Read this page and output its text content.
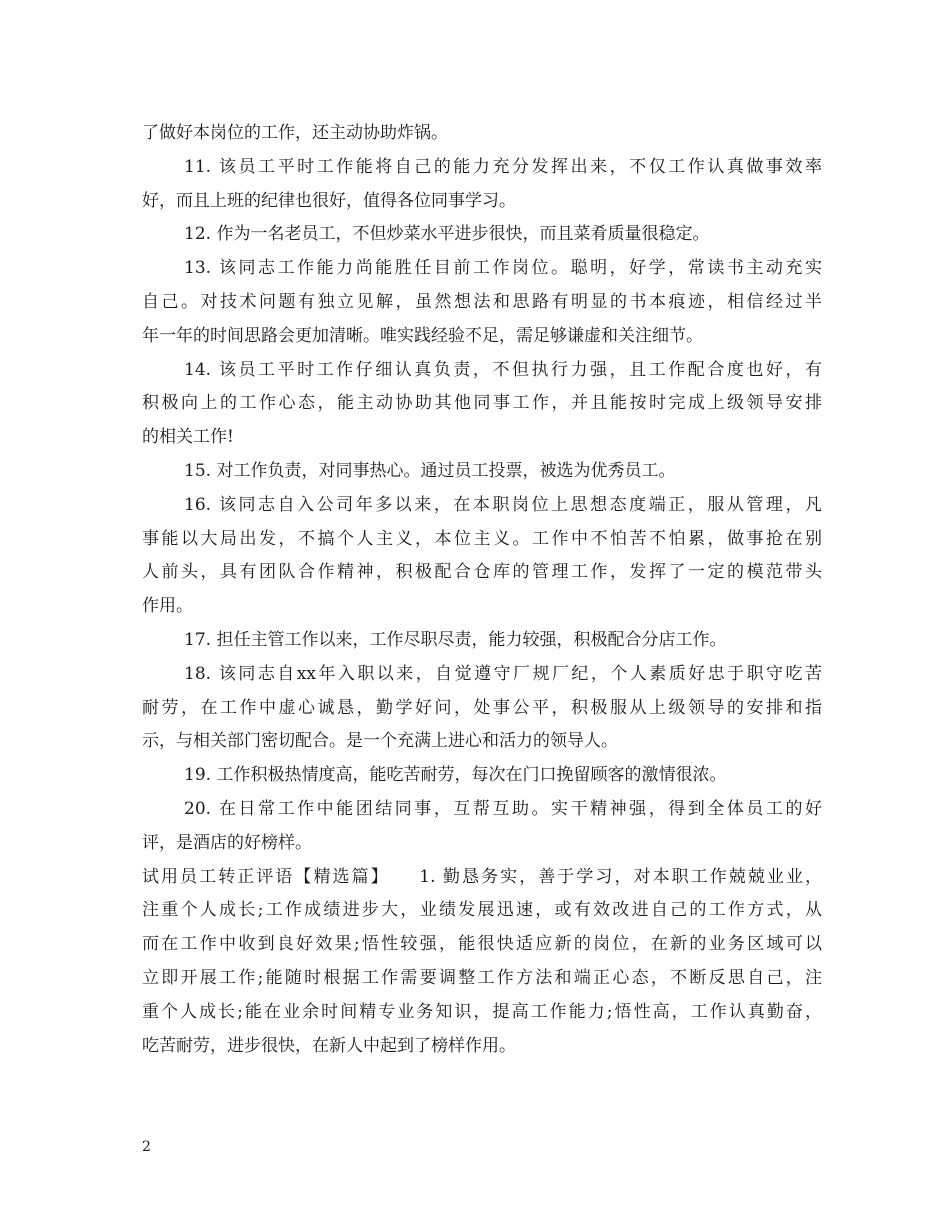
了做好本岗位的工作，还主动协助炸锅。
11. 该员工平时工作能将自己的能力充分发挥出来，不仅工作认真做事效率
好，而且上班的纪律也很好，值得各位同事学习。
12. 作为一名老员工，不但炒菜水平进步很快，而且菜肴质量很稳定。
13. 该同志工作能力尚能胜任目前工作岗位。聪明，好学，常读书主动充实
自己。对技术问题有独立见解，虽然想法和思路有明显的书本痕迹，相信经过半
年一年的时间思路会更加清晰。唯实践经验不足，需足够谦虚和关注细节。
14. 该员工平时工作仔细认真负责，不但执行力强，且工作配合度也好，有
积极向上的工作心态，能主动协助其他同事工作，并且能按时完成上级领导安排
的相关工作!
15. 对工作负责，对同事热心。通过员工投票，被选为优秀员工。
16. 该同志自入公司年多以来，在本职岗位上思想态度端正，服从管理，凡
事能以大局出发，不搞个人主义，本位主义。工作中不怕苦不怕累，做事抢在别
人前头，具有团队合作精神，积极配合仓库的管理工作，发挥了一定的模范带头
作用。
17. 担任主管工作以来，工作尽职尽责，能力较强，积极配合分店工作。
18. 该同志自xx年入职以来，自觉遵守厂规厂纪，个人素质好忠于职守吃苦
耐劳，在工作中虚心诚恳，勤学好问，处事公平，积极服从上级领导的安排和指
示，与相关部门密切配合。是一个充满上进心和活力的领导人。
19. 工作积极热情度高，能吃苦耐劳，每次在门口挽留顾客的激情很浓。
20. 在日常工作中能团结同事，互帮互助。实干精神强，得到全体员工的好
评，是酒店的好榜样。
试用员工转正评语【精选篇】　　1. 勤恳务实，善于学习，对本职工作兢兢业业，
注重个人成长;工作成绩进步大，业绩发展迅速，或有效改进自己的工作方式，从
而在工作中收到良好效果;悟性较强，能很快适应新的岗位，在新的业务区域可以
立即开展工作;能随时根据工作需要调整工作方法和端正心态，不断反思自己，注
重个人成长;能在业余时间精专业务知识，提高工作能力;悟性高，工作认真勤奋，
吃苦耐劳，进步很快，在新人中起到了榜样作用。
2
